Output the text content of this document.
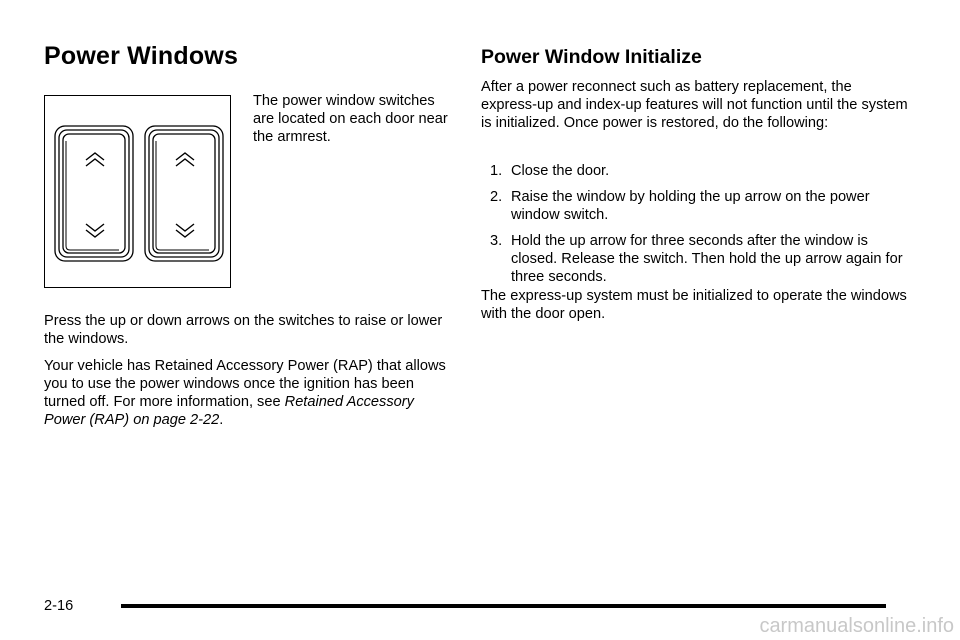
Power Windows

The power window switches are located on each door near the armrest.

Press the up or down arrows on the switches to raise or lower the windows.

Your vehicle has Retained Accessory Power (RAP) that allows you to use the power windows once the ignition has been turned off. For more information, see Retained Accessory Power (RAP) on page 2-22.

Power Window Initialize

After a power reconnect such as battery replacement, the express-up and index-up features will not function until the system is initialized. Once power is restored, do the following:

1. Close the door.
2. Raise the window by holding the up arrow on the power window switch.
3. Hold the up arrow for three seconds after the window is closed. Release the switch. Then hold the up arrow again for three seconds.

The express-up system must be initialized to operate the windows with the door open.

2-16
carmanualsonline.info
